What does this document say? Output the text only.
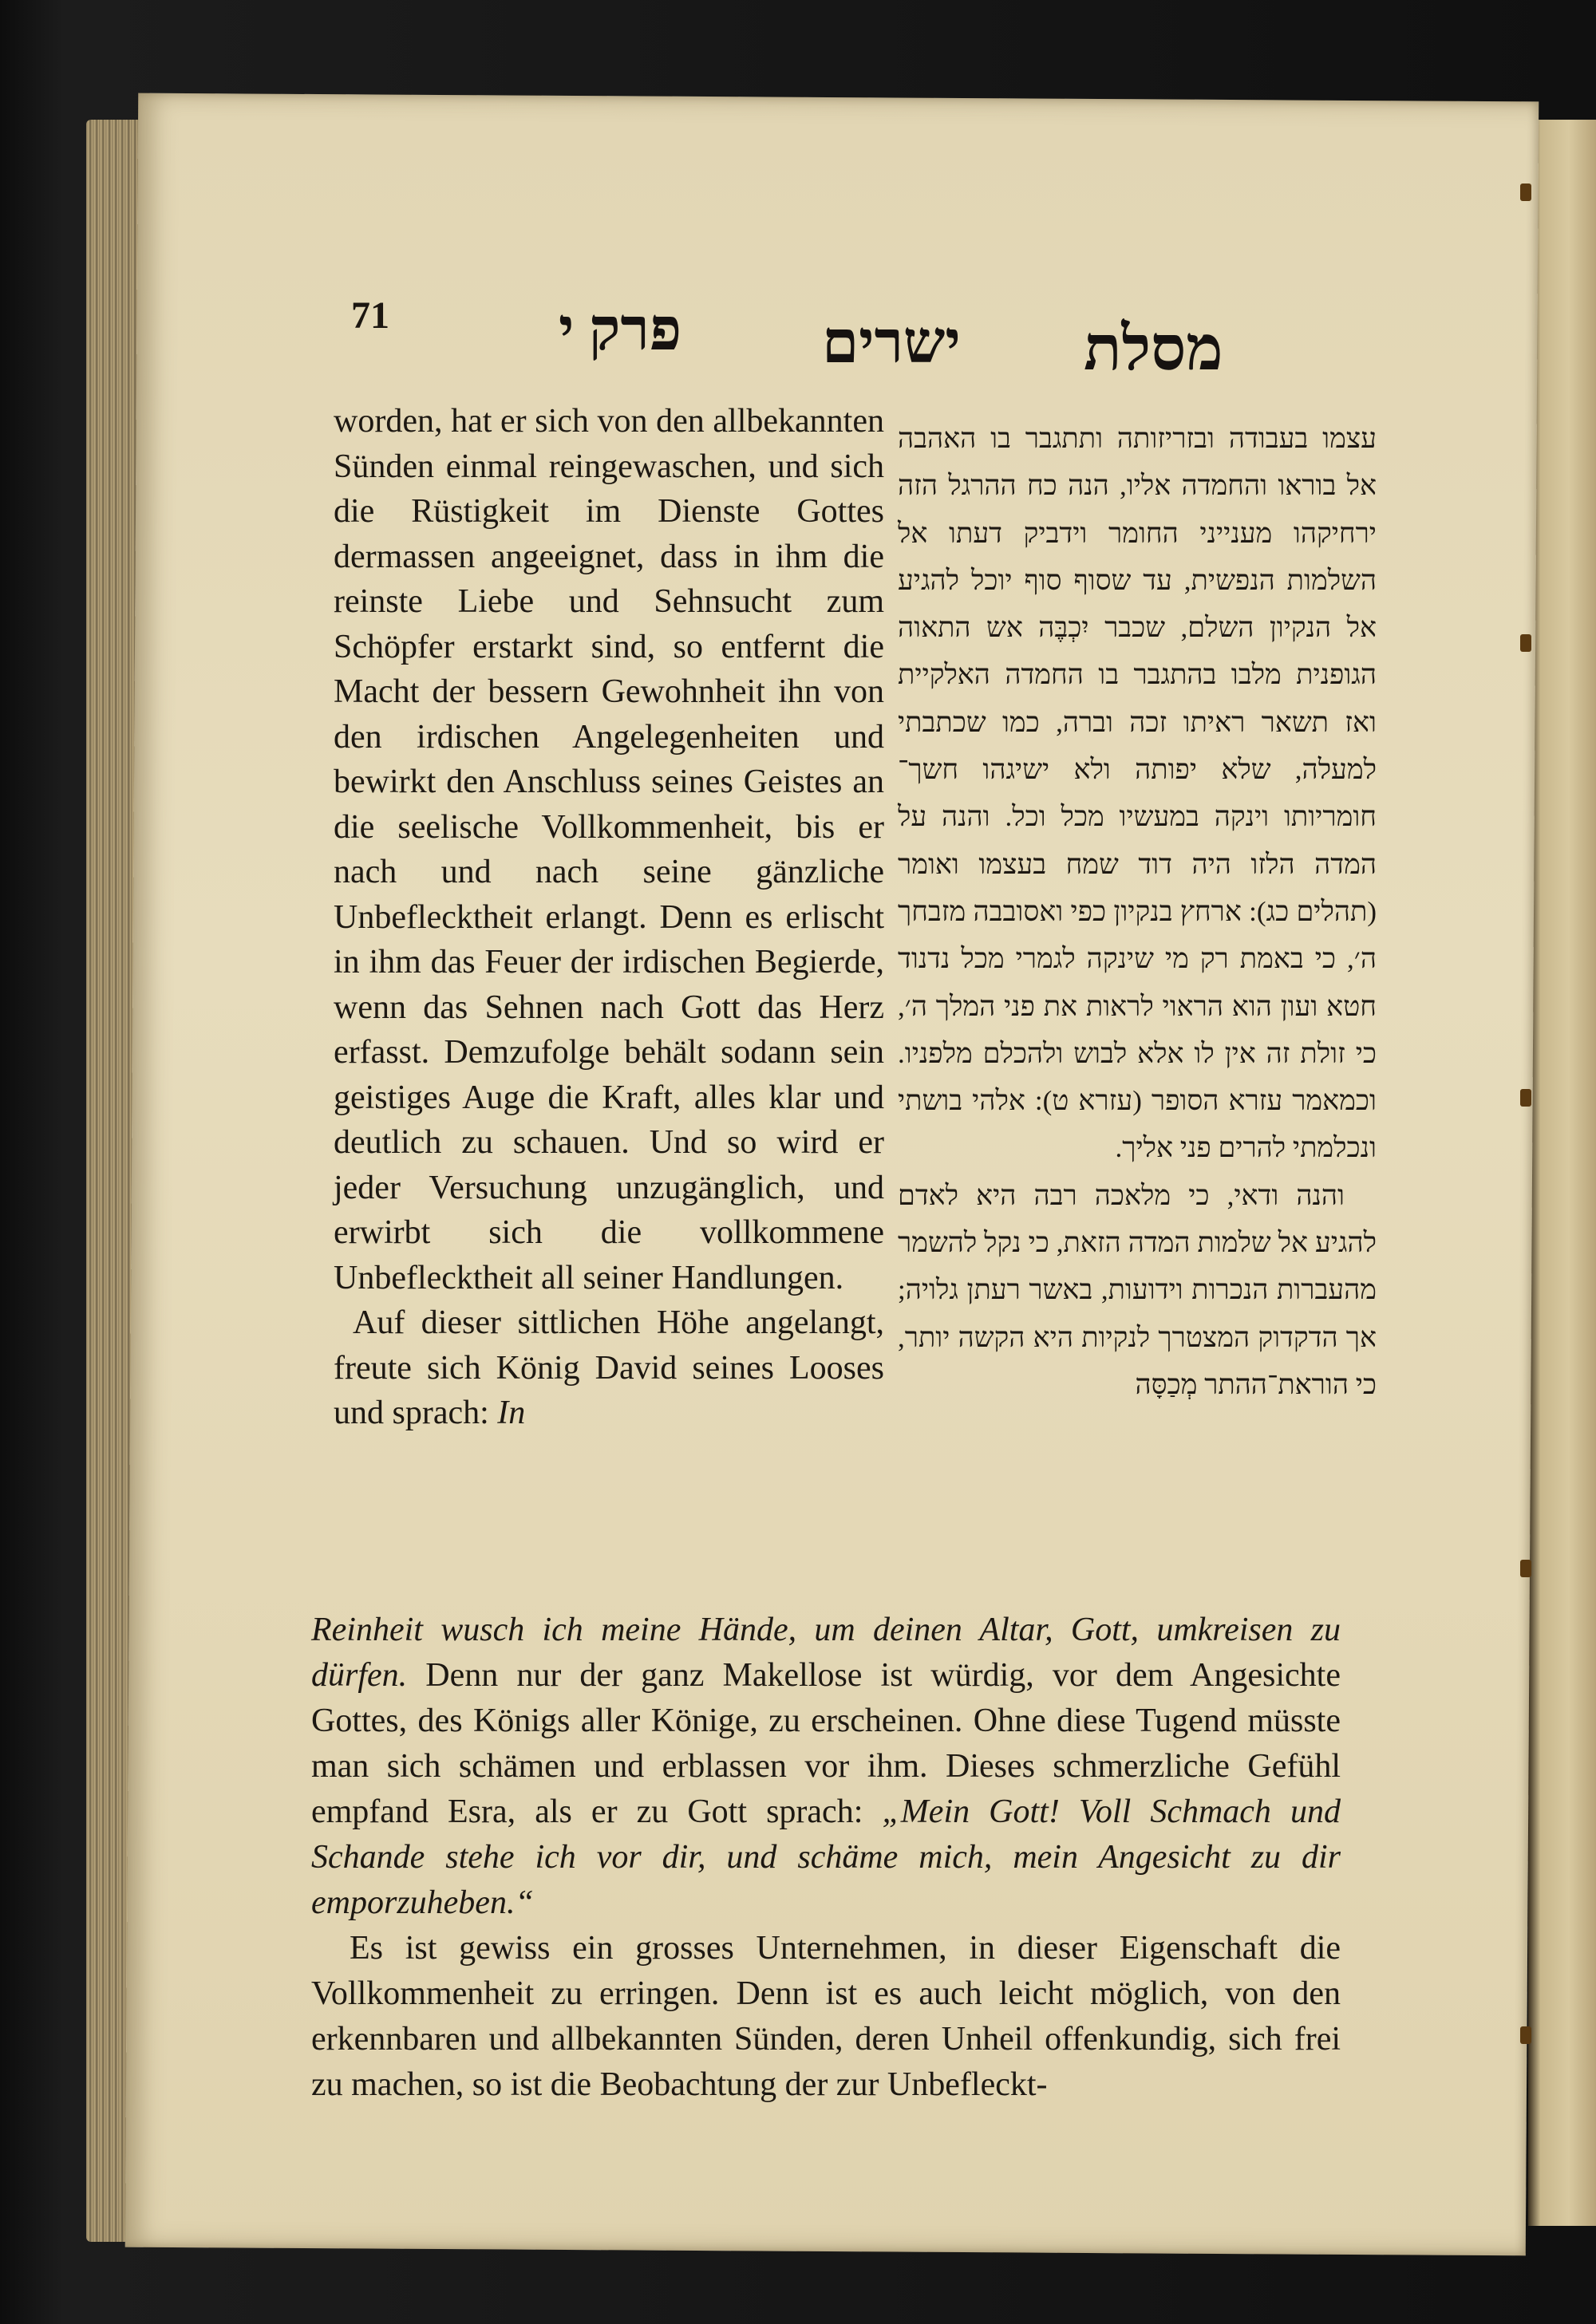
71	פרק י ישרים מסלת

worden, hat er sich von den allbekannten Sünden einmal reingewaschen, und sich die Rüstigkeit im Dienste Gottes dermassen angeeignet, dass in ihm die reinste Liebe und Sehnsucht zum Schöpfer erstarkt sind, so entfernt die Macht der bessern Gewohnheit ihn von den irdischen Angelegenheiten und bewirkt den Anschluss seines Geistes an die seelische Vollkommenheit, bis er nach und nach seine gänzliche Unbeflecktheit erlangt. Denn es erlischt in ihm das Feuer der irdischen Begierde, wenn das Sehnen nach Gott das Herz erfasst. Demzufolge behält sodann sein geistiges Auge die Kraft, alles klar und deutlich zu schauen. Und so wird er jeder Versuchung unzugänglich, und erwirbt sich die vollkommene Unbeflecktheit all seiner Handlungen.

Auf dieser sittlichen Höhe angelangt, freute sich König David seines Looses und sprach: In

עצמו בעבודה ובזריזותה ותתגבר בו האהבה אל בוראו והחמדה אליו, הנה כח ההרגל הזה ירחיקהו מענייני החומר וידביק דעתו אל השלמות הנפשית, עד שסוף סוף יוכל להגיע אל הנקיון השלם, שכבר יִכְבֶּה אש התאוה הגופנית מלבו בהתגבר בו החמדה האלקיית ואז תשאר ראיתו זכה וברה, כמו שכתבתי למעלה, שלא יפותה ולא ישיגהו חשך־ חומריותו וינקה במעשיו מכל וכל. והנה על המדה הלזו היה דוד שמח בעצמו ואומר (תהלים כג): ארחץ בנקיון כפי ואסובבה מזבחך ה׳, כי באמת רק מי שינקה לגמרי מכל נדנוד חטא ועון הוא הראוי לראות את פני המלך ה׳, כי זולת זה אין לו אלא לבוש ולהכלם מלפניו. וכמאמר עזרא הסופר (עזרא ט): אלהי בושתי ונכלמתי להרים פני אליך.

והנה ודאי, כי מלאכה רבה היא לאדם להגיע אל שלמות המדה הזאת, כי נקל להשמר מהעברות הנכרות וידועות, באשר רעתן גלויה; אך הדקדוק המצטרך לנקיות היא הקשה יותר, כי הוראת־ההתר מְכַסָּה

Reinheit wusch ich meine Hände, um deinen Altar, Gott, umkreisen zu dürfen. Denn nur der ganz Makellose ist würdig, vor dem Angesichte Gottes, des Königs aller Könige, zu erscheinen. Ohne diese Tugend müsste man sich schämen und erblassen vor ihm. Dieses schmerzliche Gefühl empfand Esra, als er zu Gott sprach: „Mein Gott! Voll Schmach und Schande stehe ich vor dir, und schäme mich, mein Angesicht zu dir emporzuheben.“

Es ist gewiss ein grosses Unternehmen, in dieser Eigenschaft die Vollkommenheit zu erringen. Denn ist es auch leicht möglich, von den erkennbaren und allbekannten Sünden, deren Unheil offenkundig, sich frei zu machen, so ist die Beobachtung der zur Unbefleckt-
